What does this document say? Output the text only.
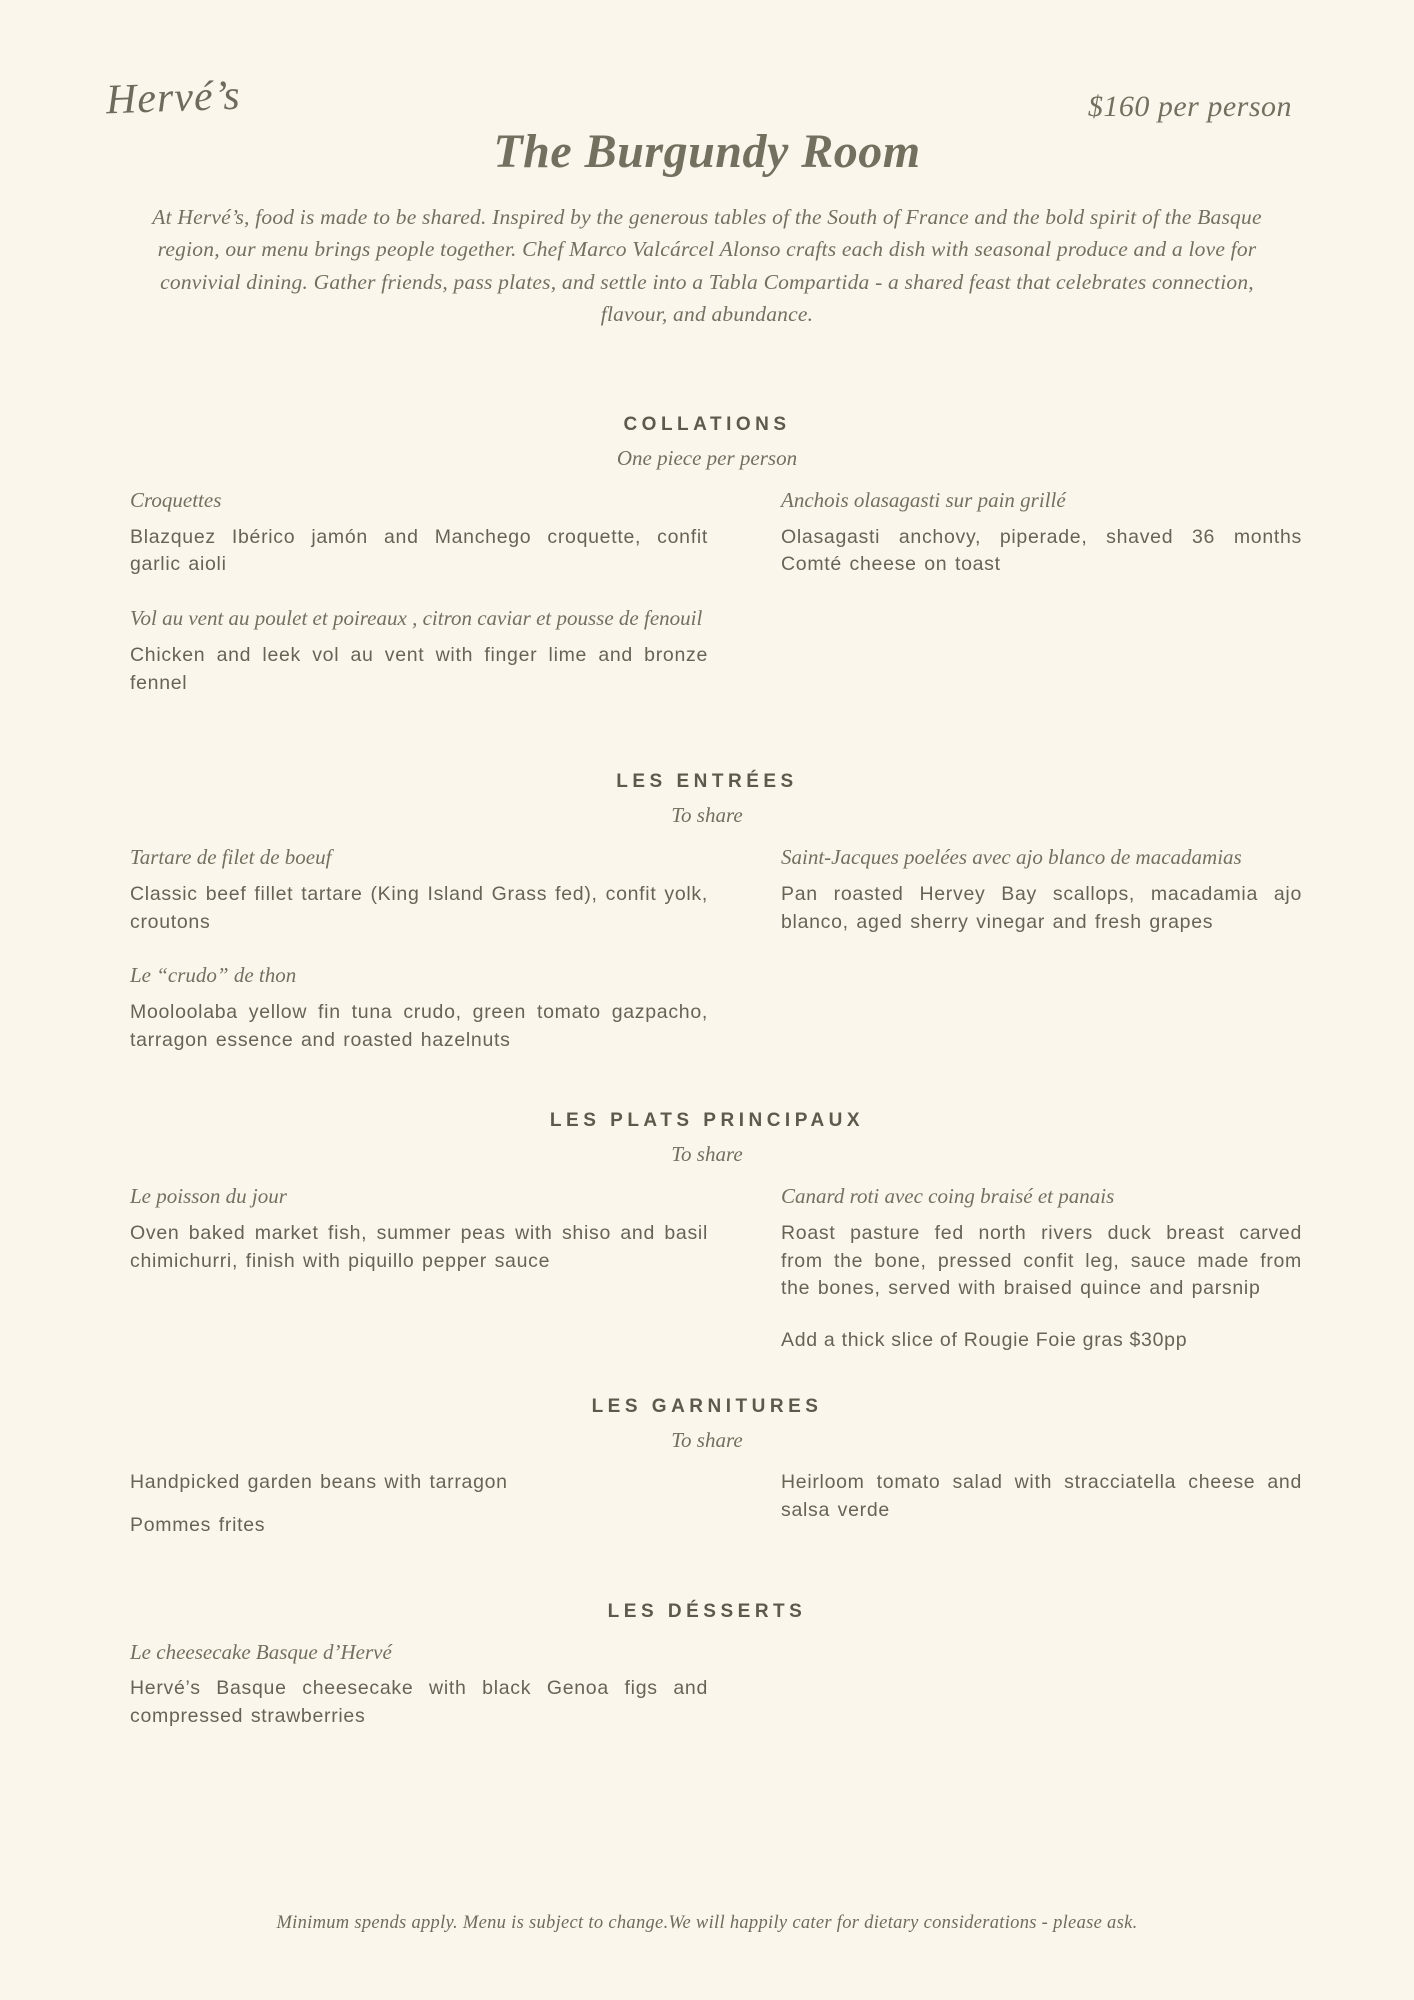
Hervé’s	$160 per person
The Burgundy Room

At Hervé’s, food is made to be shared. Inspired by the generous tables of the South of France and the bold spirit of the Basque region, our menu brings people together. Chef Marco Valcárcel Alonso crafts each dish with seasonal produce and a love for convivial dining. Gather friends, pass plates, and settle into a Tabla Compartida - a shared feast that celebrates connection, flavour, and abundance.

COLLATIONS
One piece per person
Croquettes

Blazquez Ibérico jamón and Manchego croquette, confit garlic aioli

Vol au vent au poulet et poireaux , citron caviar et pousse de fenouil

Chicken and leek vol au vent with finger lime and bronze fennel

Anchois olasagasti sur pain grillé

Olasagasti anchovy, piperade, shaved 36 months Comté cheese on toast

LES ENTRÉES
To share
Tartare de filet de boeuf

Classic beef fillet tartare (King Island Grass fed), confit yolk, croutons

Le “crudo” de thon

Mooloolaba yellow fin tuna crudo, green tomato gazpacho, tarragon essence and roasted hazelnuts

Saint-Jacques poelées avec ajo blanco de macadamias

Pan roasted Hervey Bay scallops, macadamia ajo blanco, aged sherry vinegar and fresh grapes

LES PLATS PRINCIPAUX
To share
Le poisson du jour

Oven baked market fish, summer peas with shiso and basil chimichurri, finish with piquillo pepper sauce

Canard roti avec coing braisé et panais

Roast pasture fed north rivers duck breast carved from the bone, pressed confit leg, sauce made from the bones, served with braised quince and parsnip

Add a thick slice of Rougie Foie gras $30pp

LES GARNITURES
To share

Handpicked garden beans with tarragon

Pommes frites

Heirloom tomato salad with stracciatella cheese and salsa verde

LES DÉSSERTS
Le cheesecake Basque d’Hervé

Hervé’s Basque cheesecake with black Genoa figs and compressed strawberries

Minimum spends apply. Menu is subject to change.We will happily cater for dietary considerations - please ask.
